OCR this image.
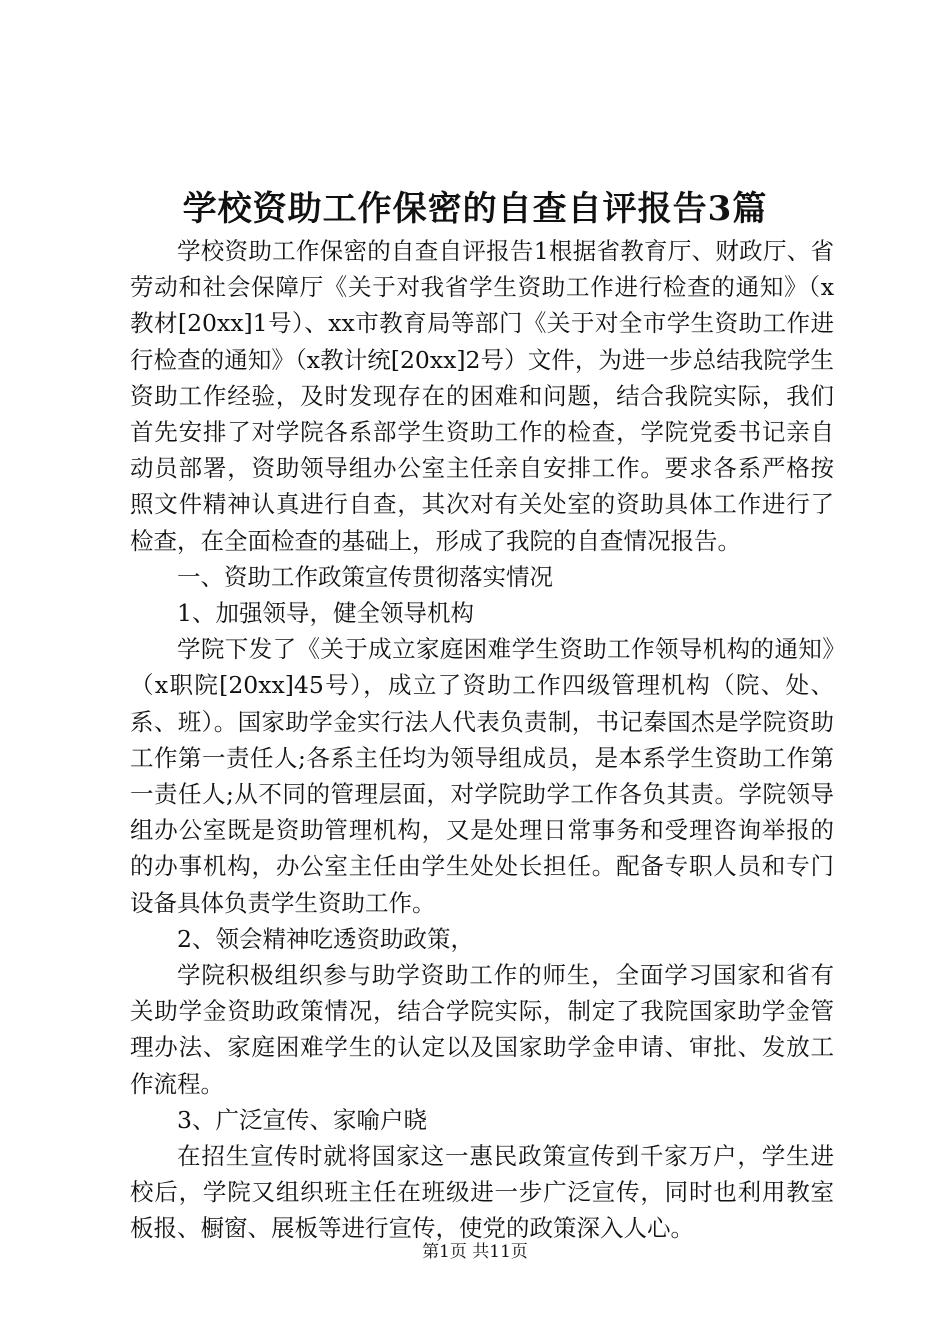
学校资助工作保密的自查自评报告3篇

学校资助工作保密的自查自评报告1根据省教育厅、财政厅、省劳动和社会保障厅《关于对我省学生资助工作进行检查的通知》（x教材[20xx]1号）、xx市教育局等部门《关于对全市学生资助工作进行检查的通知》（x教计统[20xx]2号）文件，为进一步总结我院学生资助工作经验，及时发现存在的困难和问题，结合我院实际，我们首先安排了对学院各系部学生资助工作的检查，学院党委书记亲自动员部署，资助领导组办公室主任亲自安排工作。要求各系严格按照文件精神认真进行自查，其次对有关处室的资助具体工作进行了检查，在全面检查的基础上，形成了我院的自查情况报告。

一、资助工作政策宣传贯彻落实情况

1、加强领导，健全领导机构

学院下发了《关于成立家庭困难学生资助工作领导机构的通知》（x职院[20xx]45号），成立了资助工作四级管理机构（院、处、系、班）。国家助学金实行法人代表负责制，书记秦国杰是学院资助工作第一责任人;各系主任均为领导组成员，是本系学生资助工作第一责任人;从不同的管理层面，对学院助学工作各负其责。学院领导组办公室既是资助管理机构，又是处理日常事务和受理咨询举报的的办事机构，办公室主任由学生处处长担任。配备专职人员和专门设备具体负责学生资助工作。

2、领会精神吃透资助政策，

学院积极组织参与助学资助工作的师生，全面学习国家和省有关助学金资助政策情况，结合学院实际，制定了我院国家助学金管理办法、家庭困难学生的认定以及国家助学金申请、审批、发放工作流程。

3、广泛宣传、家喻户晓

在招生宣传时就将国家这一惠民政策宣传到千家万户，学生进校后，学院又组织班主任在班级进一步广泛宣传，同时也利用教室板报、橱窗、展板等进行宣传，使党的政策深入人心。

第1页 共11页
